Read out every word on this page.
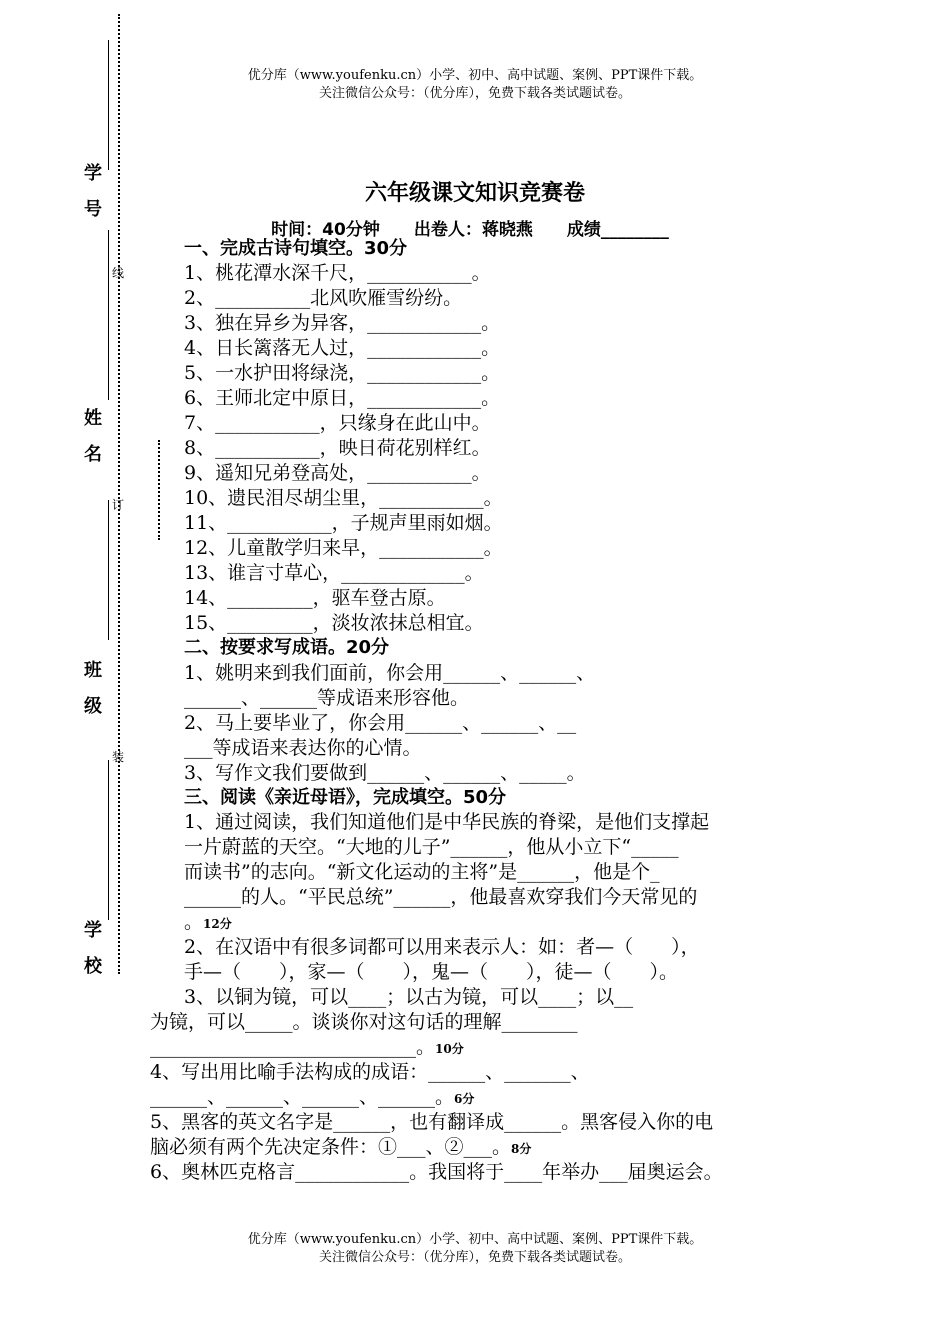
优分库（www.youfenku.cn）小学、初中、高中试题、案例、PPT课件下载。
关注微信公众号：（优分库），免费下载各类试题试卷。
学　号
姓　名
班　级
学　校
线
订
装
六年级课文知识竞赛卷
时间：40分钟　　出卷人：蒋晓燕　　成绩________
一、完成古诗句填空。30分
1、桃花潭水深千尺，___________。
2、__________北风吹雁雪纷纷。
3、独在异乡为异客，____________。
4、日长篱落无人过，____________。
5、一水护田将绿浇，____________。
6、王师北定中原日，____________。
7、___________，只缘身在此山中。
8、___________，映日荷花别样红。
9、遥知兄弟登高处，___________。
10、遗民泪尽胡尘里，___________。
11、___________，子规声里雨如烟。
12、儿童散学归来早，___________。
13、谁言寸草心，_____________。
14、_________，驱车登古原。
15、_________，淡妆浓抹总相宜。
二、按要求写成语。20分
1、姚明来到我们面前，你会用______、______、
______、______等成语来形容他。
2、马上要毕业了，你会用______、______、__
___等成语来表达你的心情。
3、写作文我们要做到______、______、_____。
三、阅读《亲近母语》，完成填空。50分
1、通过阅读，我们知道他们是中华民族的脊梁，是他们支撑起
一片蔚蓝的天空。“大地的儿子”______，他从小立下“_____
而读书”的志向。“新文化运动的主将”是______，他是个_
______的人。“平民总统”______，他最喜欢穿我们今天常见的
。12分
2、在汉语中有很多词都可以用来表示人：如：者—（　　），
手—（　　），家—（　　），鬼—（　　），徒—（　　）。
3、以铜为镜，可以____；以古为镜，可以____；以__
为镜，可以_____。谈谈你对这句话的理解________
____________________________。10分
4、写出用比喻手法构成的成语：______、_______、
______、______、______、______。6分
5、黑客的英文名字是______，也有翻译成______。黑客侵入你的电
脑必须有两个先决定条件：①___、②___。8分
6、奥林匹克格言____________。我国将于____年举办___届奥运会。
优分库（www.youfenku.cn）小学、初中、高中试题、案例、PPT课件下载。
关注微信公众号：（优分库），免费下载各类试题试卷。
